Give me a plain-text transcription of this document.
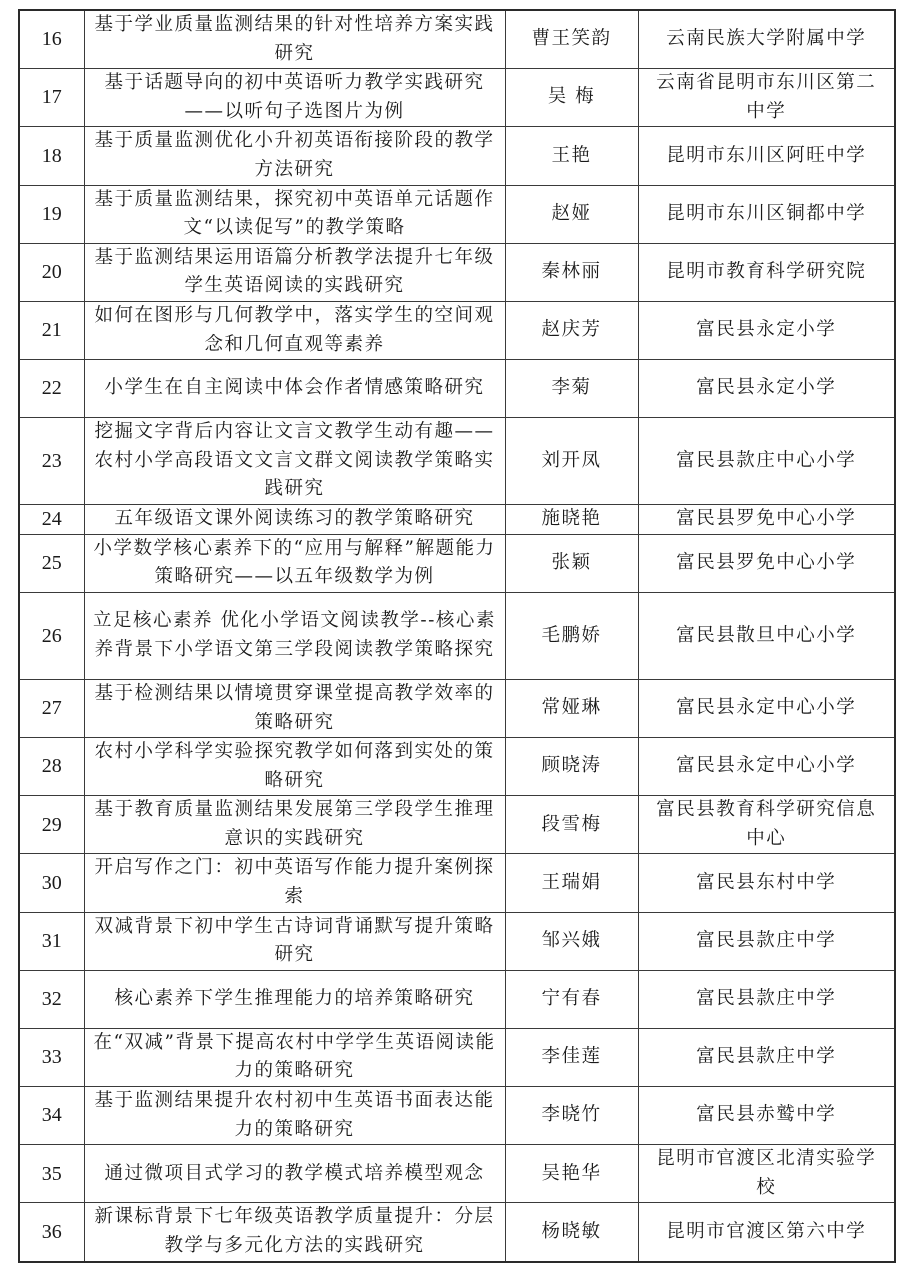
16	基于学业质量监测结果的针对性培养方案实践研究	曹王笑韵	云南民族大学附属中学
17	基于话题导向的初中英语听力教学实践研究——以听句子选图片为例	吴 梅	云南省昆明市东川区第二中学
18	基于质量监测优化小升初英语衔接阶段的教学方法研究	王艳	昆明市东川区阿旺中学
19	基于质量监测结果，探究初中英语单元话题作文“以读促写”的教学策略	赵娅	昆明市东川区铜都中学
20	基于监测结果运用语篇分析教学法提升七年级学生英语阅读的实践研究	秦林丽	昆明市教育科学研究院
21	如何在图形与几何教学中，落实学生的空间观念和几何直观等素养	赵庆芳	富民县永定小学
22	小学生在自主阅读中体会作者情感策略研究	李菊	富民县永定小学
23	挖掘文字背后内容让文言文教学生动有趣——农村小学高段语文文言文群文阅读教学策略实践研究	刘开凤	富民县款庄中心小学
24	五年级语文课外阅读练习的教学策略研究	施晓艳	富民县罗免中心小学
25	小学数学核心素养下的“应用与解释”解题能力策略研究——以五年级数学为例	张颖	富民县罗免中心小学
26	立足核心素养 优化小学语文阅读教学--核心素养背景下小学语文第三学段阅读教学策略探究	毛鹏娇	富民县散旦中心小学
27	基于检测结果以情境贯穿课堂提高教学效率的策略研究	常娅琳	富民县永定中心小学
28	农村小学科学实验探究教学如何落到实处的策略研究	顾晓涛	富民县永定中心小学
29	基于教育质量监测结果发展第三学段学生推理意识的实践研究	段雪梅	富民县教育科学研究信息中心
30	开启写作之门：初中英语写作能力提升案例探索	王瑞娟	富民县东村中学
31	双减背景下初中学生古诗词背诵默写提升策略研究	邹兴娥	富民县款庄中学
32	核心素养下学生推理能力的培养策略研究	宁有春	富民县款庄中学
33	在“双减”背景下提高农村中学学生英语阅读能力的策略研究	李佳莲	富民县款庄中学
34	基于监测结果提升农村初中生英语书面表达能力的策略研究	李晓竹	富民县赤鹫中学
35	通过微项目式学习的教学模式培养模型观念	吴艳华	昆明市官渡区北清实验学校
36	新课标背景下七年级英语教学质量提升：分层教学与多元化方法的实践研究	杨晓敏	昆明市官渡区第六中学
